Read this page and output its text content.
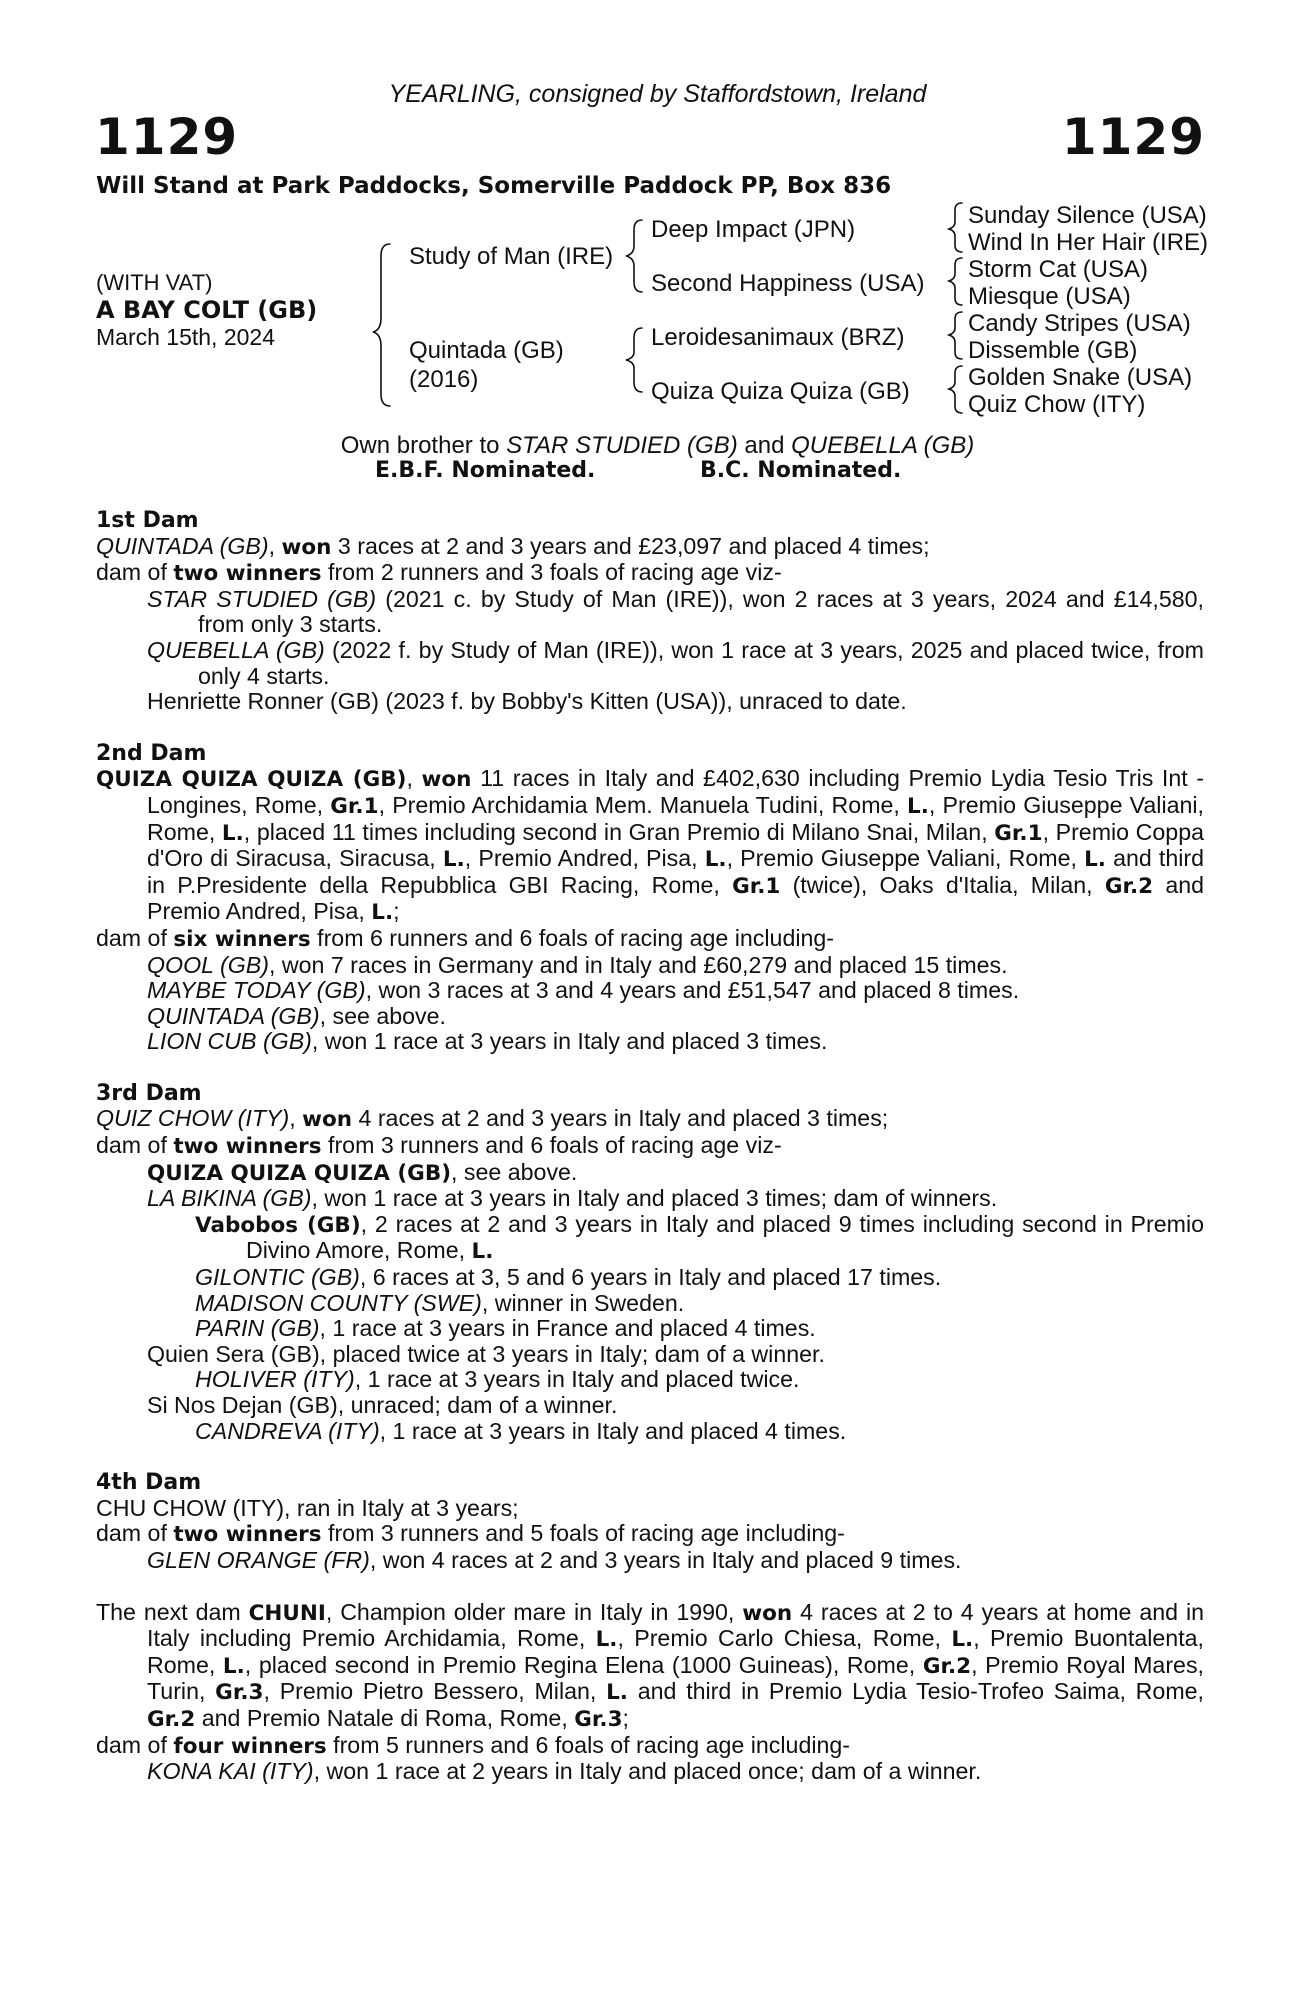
YEARLING, consigned by Staffordstown, Ireland
1129	1129
Will Stand at Park Paddocks, Somerville Paddock PP, Box 836
(WITH VAT)
A BAY COLT (GB)
March 15th, 2024
Study of Man (IRE)
Quintada (GB)
(2016)
Deep Impact (JPN)
Second Happiness (USA)
Leroidesanimaux (BRZ)
Quiza Quiza Quiza (GB)
Sunday Silence (USA)
Wind In Her Hair (IRE)
Storm Cat (USA)
Miesque (USA)
Candy Stripes (USA)
Dissemble (GB)
Golden Snake (USA)
Quiz Chow (ITY)
Own brother to STAR STUDIED (GB) and QUEBELLA (GB)
E.B.F. Nominated.	B.C. Nominated.
1st Dam
QUINTADA (GB), won 3 races at 2 and 3 years and £23,097 and placed 4 times;
dam of two winners from 2 runners and 3 foals of racing age viz-
STAR STUDIED (GB) (2021 c. by Study of Man (IRE)), won 2 races at 3 years, 2024 and £14,580, from only 3 starts.
QUEBELLA (GB) (2022 f. by Study of Man (IRE)), won 1 race at 3 years, 2025 and placed twice, from only 4 starts.
Henriette Ronner (GB) (2023 f. by Bobby's Kitten (USA)), unraced to date.
2nd Dam
QUIZA QUIZA QUIZA (GB), won 11 races in Italy and £402,630 including Premio Lydia Tesio Tris Int - Longines, Rome, Gr.1, Premio Archidamia Mem. Manuela Tudini, Rome, L., Premio Giuseppe Valiani, Rome, L., placed 11 times including second in Gran Premio di Milano Snai, Milan, Gr.1, Premio Coppa d'Oro di Siracusa, Siracusa, L., Premio Andred, Pisa, L., Premio Giuseppe Valiani, Rome, L. and third in P.Presidente della Repubblica GBI Racing, Rome, Gr.1 (twice), Oaks d'Italia, Milan, Gr.2 and Premio Andred, Pisa, L.;
dam of six winners from 6 runners and 6 foals of racing age including-
QOOL (GB), won 7 races in Germany and in Italy and £60,279 and placed 15 times.
MAYBE TODAY (GB), won 3 races at 3 and 4 years and £51,547 and placed 8 times.
QUINTADA (GB), see above.
LION CUB (GB), won 1 race at 3 years in Italy and placed 3 times.
3rd Dam
QUIZ CHOW (ITY), won 4 races at 2 and 3 years in Italy and placed 3 times;
dam of two winners from 3 runners and 6 foals of racing age viz-
QUIZA QUIZA QUIZA (GB), see above.
LA BIKINA (GB), won 1 race at 3 years in Italy and placed 3 times; dam of winners.
Vabobos (GB), 2 races at 2 and 3 years in Italy and placed 9 times including second in Premio Divino Amore, Rome, L.
GILONTIC (GB), 6 races at 3, 5 and 6 years in Italy and placed 17 times.
MADISON COUNTY (SWE), winner in Sweden.
PARIN (GB), 1 race at 3 years in France and placed 4 times.
Quien Sera (GB), placed twice at 3 years in Italy; dam of a winner.
HOLIVER (ITY), 1 race at 3 years in Italy and placed twice.
Si Nos Dejan (GB), unraced; dam of a winner.
CANDREVA (ITY), 1 race at 3 years in Italy and placed 4 times.
4th Dam
CHU CHOW (ITY), ran in Italy at 3 years;
dam of two winners from 3 runners and 5 foals of racing age including-
GLEN ORANGE (FR), won 4 races at 2 and 3 years in Italy and placed 9 times.
The next dam CHUNI, Champion older mare in Italy in 1990, won 4 races at 2 to 4 years at home and in Italy including Premio Archidamia, Rome, L., Premio Carlo Chiesa, Rome, L., Premio Buontalenta, Rome, L., placed second in Premio Regina Elena (1000 Guineas), Rome, Gr.2, Premio Royal Mares, Turin, Gr.3, Premio Pietro Bessero, Milan, L. and third in Premio Lydia Tesio-Trofeo Saima, Rome, Gr.2 and Premio Natale di Roma, Rome, Gr.3;
dam of four winners from 5 runners and 6 foals of racing age including-
KONA KAI (ITY), won 1 race at 2 years in Italy and placed once; dam of a winner.
